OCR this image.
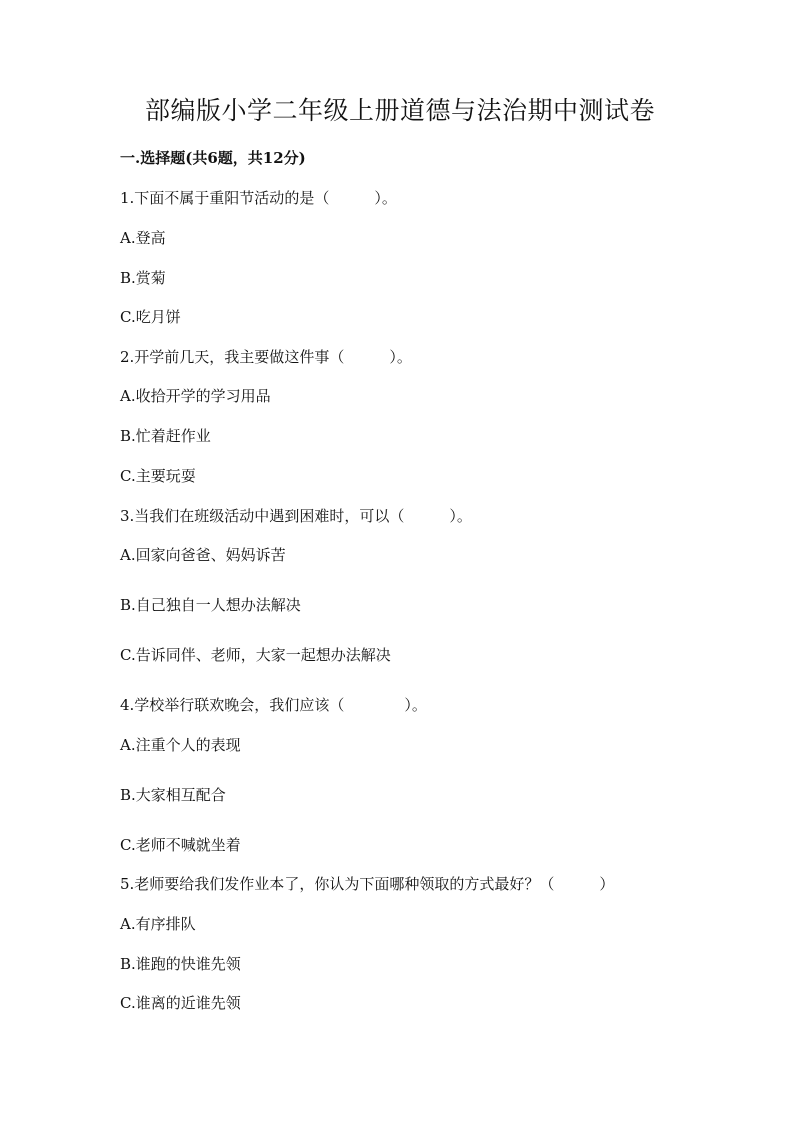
部编版小学二年级上册道德与法治期中测试卷

一.选择题(共6题，共12分)

1.下面不属于重阳节活动的是（　　　）。

A.登高

B.赏菊

C.吃月饼

2.开学前几天，我主要做这件事（　　　）。

A.收拾开学的学习用品

B.忙着赶作业

C.主要玩耍

3.当我们在班级活动中遇到困难时，可以（　　　）。

A.回家向爸爸、妈妈诉苦

B.自己独自一人想办法解决

C.告诉同伴、老师，大家一起想办法解决

4.学校举行联欢晚会，我们应该（　　　　）。

A.注重个人的表现

B.大家相互配合

C.老师不喊就坐着

5.老师要给我们发作业本了，你认为下面哪种领取的方式最好？（　　　）

A.有序排队

B.谁跑的快谁先领

C.谁离的近谁先领
